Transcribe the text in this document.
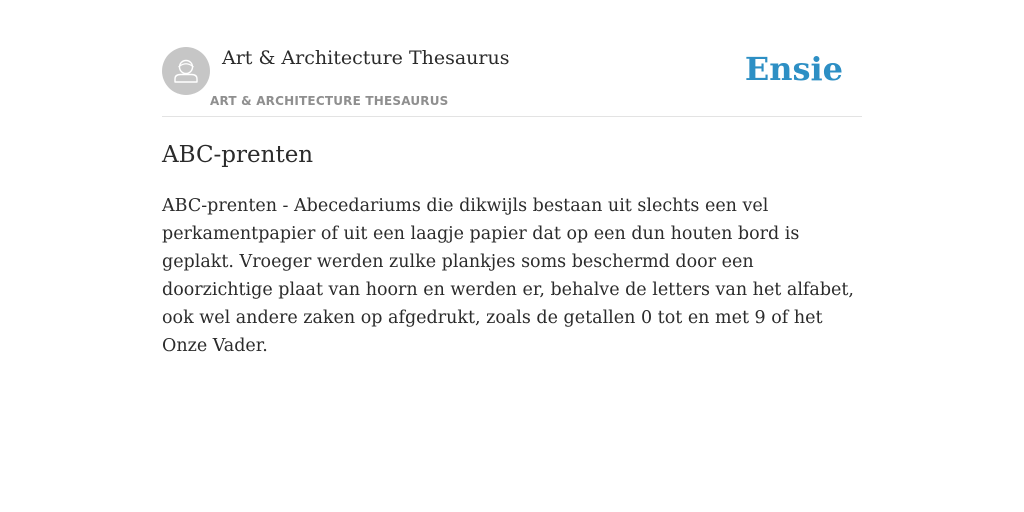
Art & Architecture Thesaurus
ART & ARCHITECTURE THESAURUS
Ensie
ABC-prenten

ABC-prenten - Abecedariums die dikwijls bestaan uit slechts een vel perkamentpapier of uit een laagje papier dat op een dun houten bord is geplakt. Vroeger werden zulke plankjes soms beschermd door een doorzichtige plaat van hoorn en werden er, behalve de letters van het alfabet, ook wel andere zaken op afgedrukt, zoals de getallen 0 tot en met 9 of het Onze Vader.
